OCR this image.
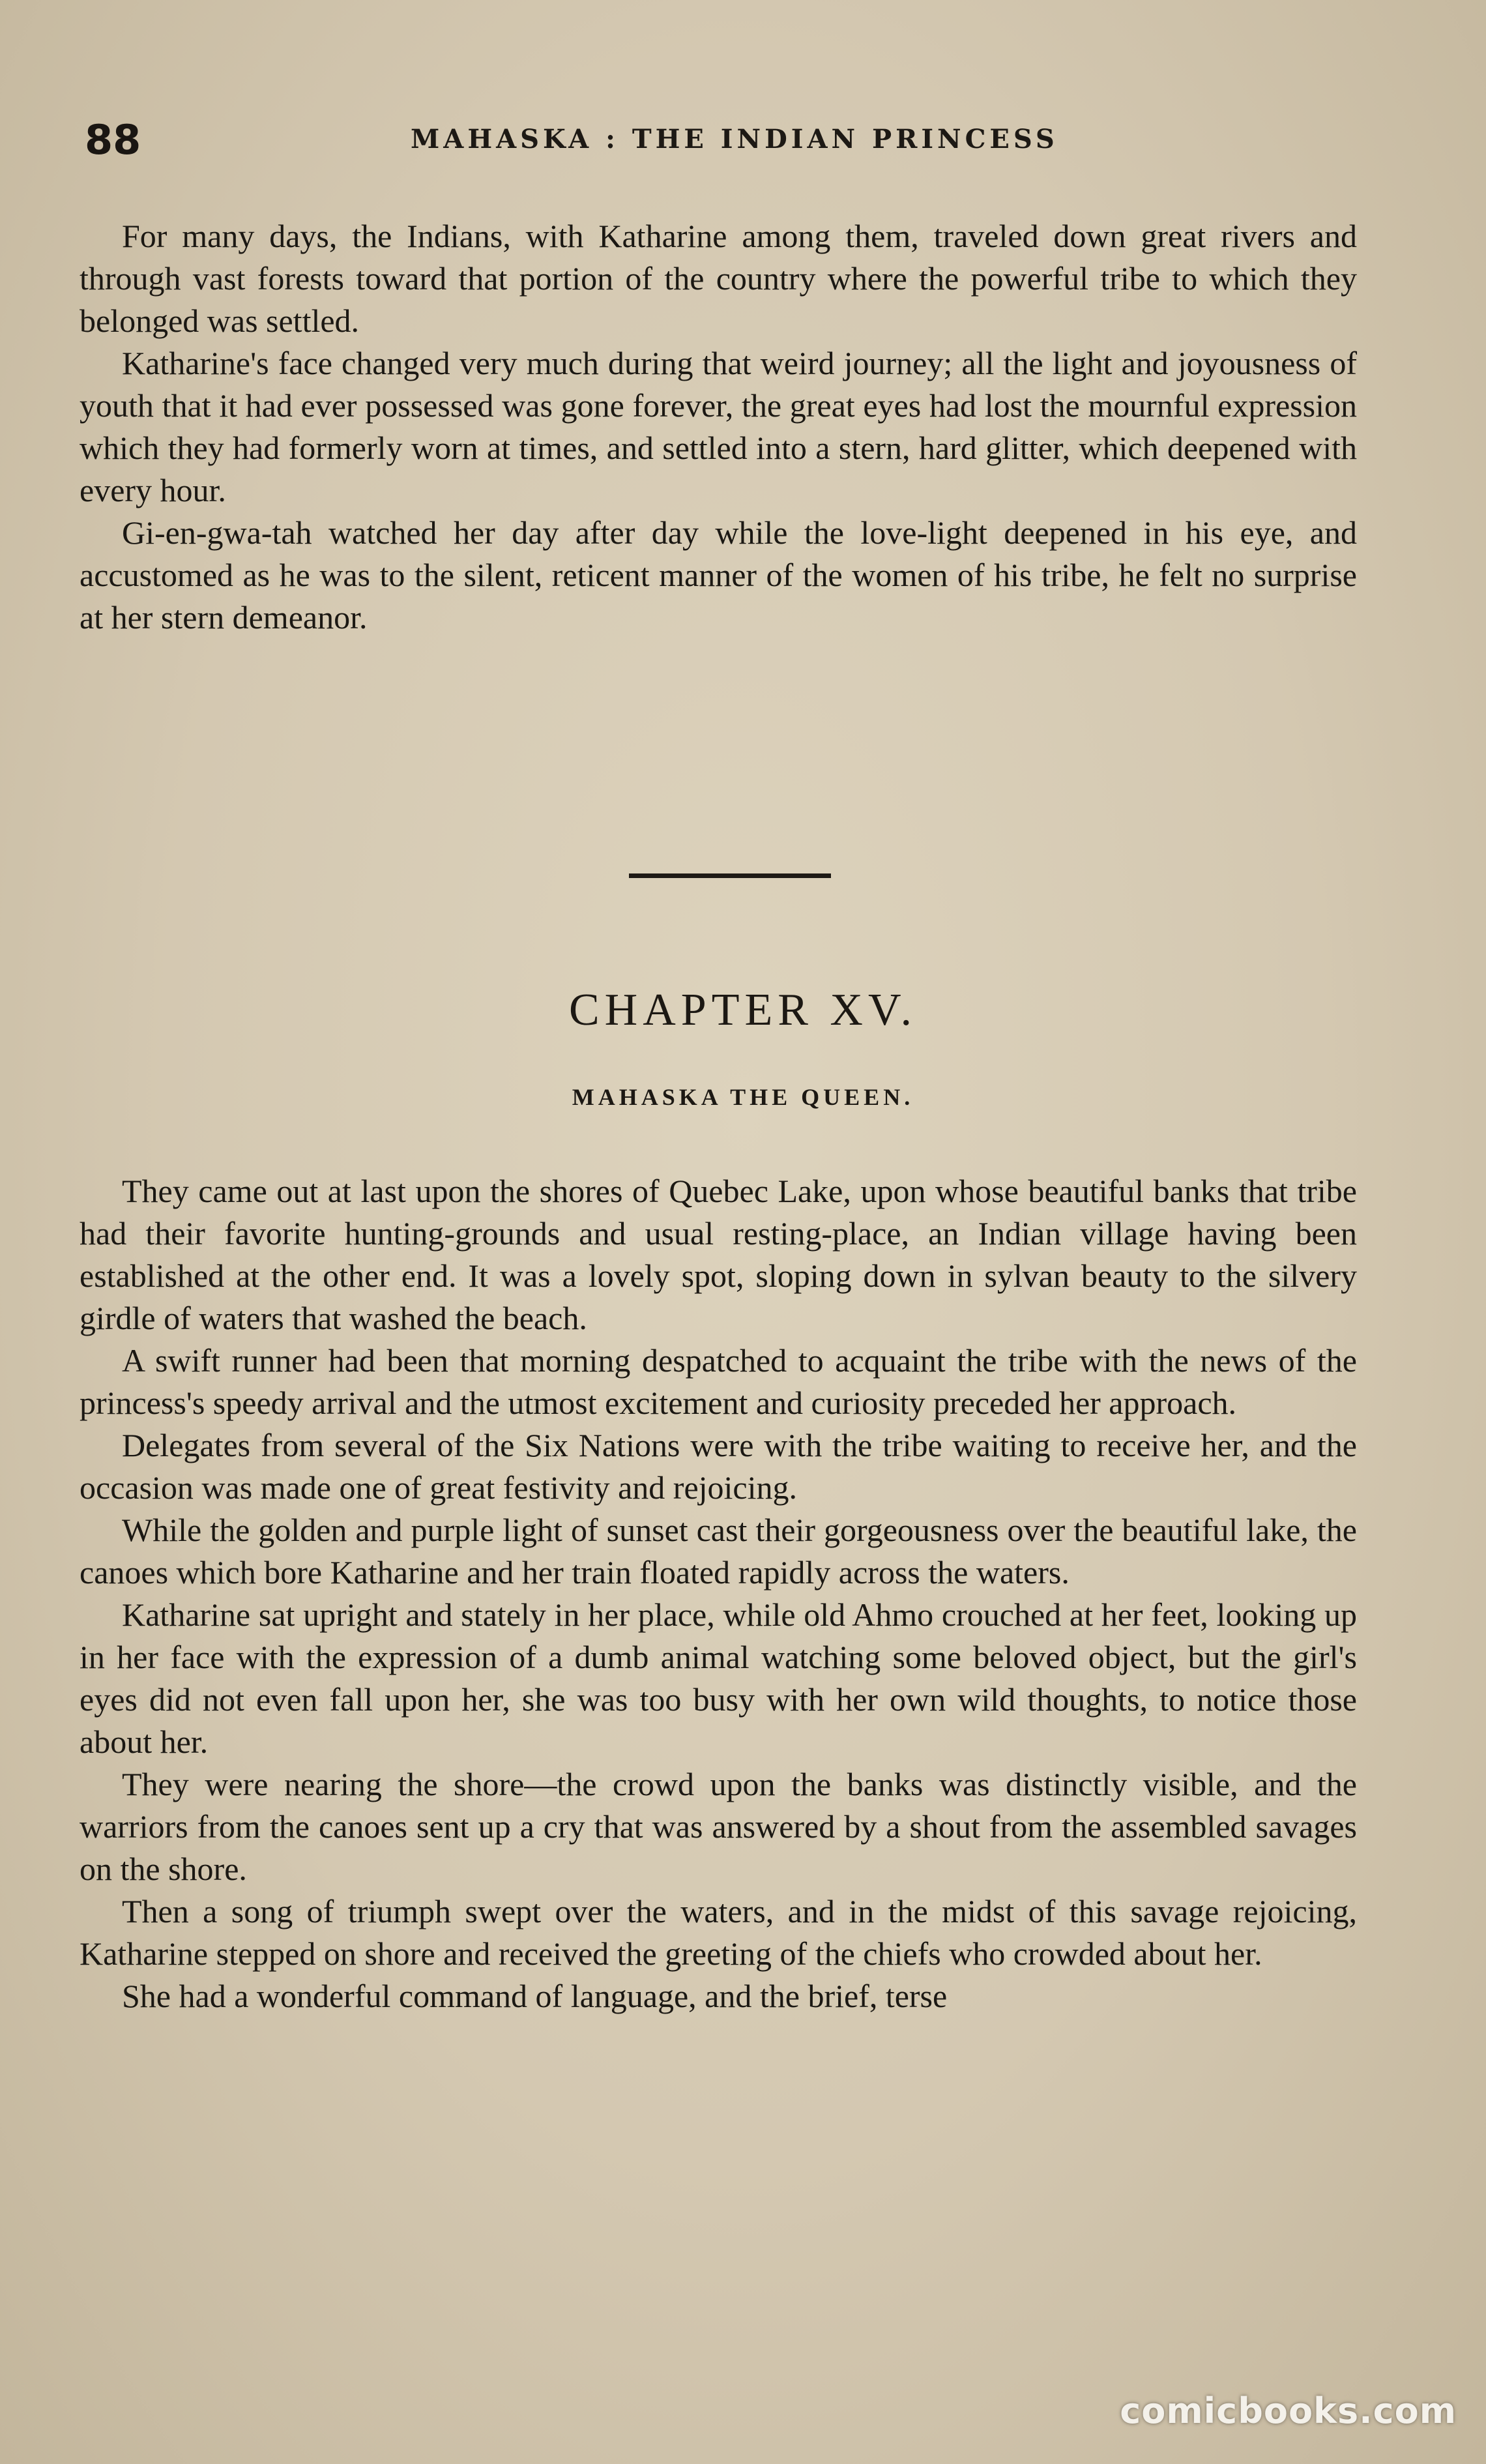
88	MAHASKA : THE INDIAN PRINCESS

For many days, the Indians, with Katharine among them, traveled down great rivers and through vast forests toward that portion of the country where the powerful tribe to which they belonged was settled.

Katharine's face changed very much during that weird journey; all the light and joyousness of youth that it had ever possessed was gone forever, the great eyes had lost the mournful expression which they had formerly worn at times, and settled into a stern, hard glitter, which deepened with every hour.

Gi-en-gwa-tah watched her day after day while the love-light deepened in his eye, and accustomed as he was to the silent, reticent manner of the women of his tribe, he felt no surprise at her stern demeanor.

CHAPTER XV.
MAHASKA THE QUEEN.

They came out at last upon the shores of Quebec Lake, upon whose beautiful banks that tribe had their favorite hunting-grounds and usual resting-place, an Indian village having been established at the other end. It was a lovely spot, sloping down in sylvan beauty to the silvery girdle of waters that washed the beach.

A swift runner had been that morning despatched to acquaint the tribe with the news of the princess's speedy arrival and the utmost excitement and curiosity preceded her approach.

Delegates from several of the Six Nations were with the tribe waiting to receive her, and the occasion was made one of great festivity and rejoicing.

While the golden and purple light of sunset cast their gorgeousness over the beautiful lake, the canoes which bore Katharine and her train floated rapidly across the waters.

Katharine sat upright and stately in her place, while old Ahmo crouched at her feet, looking up in her face with the expression of a dumb animal watching some beloved object, but the girl's eyes did not even fall upon her, she was too busy with her own wild thoughts, to notice those about her.

They were nearing the shore—the crowd upon the banks was distinctly visible, and the warriors from the canoes sent up a cry that was answered by a shout from the assembled savages on the shore.

Then a song of triumph swept over the waters, and in the midst of this savage rejoicing, Katharine stepped on shore and received the greeting of the chiefs who crowded about her.

She had a wonderful command of language, and the brief, terse

comicbooks.com
